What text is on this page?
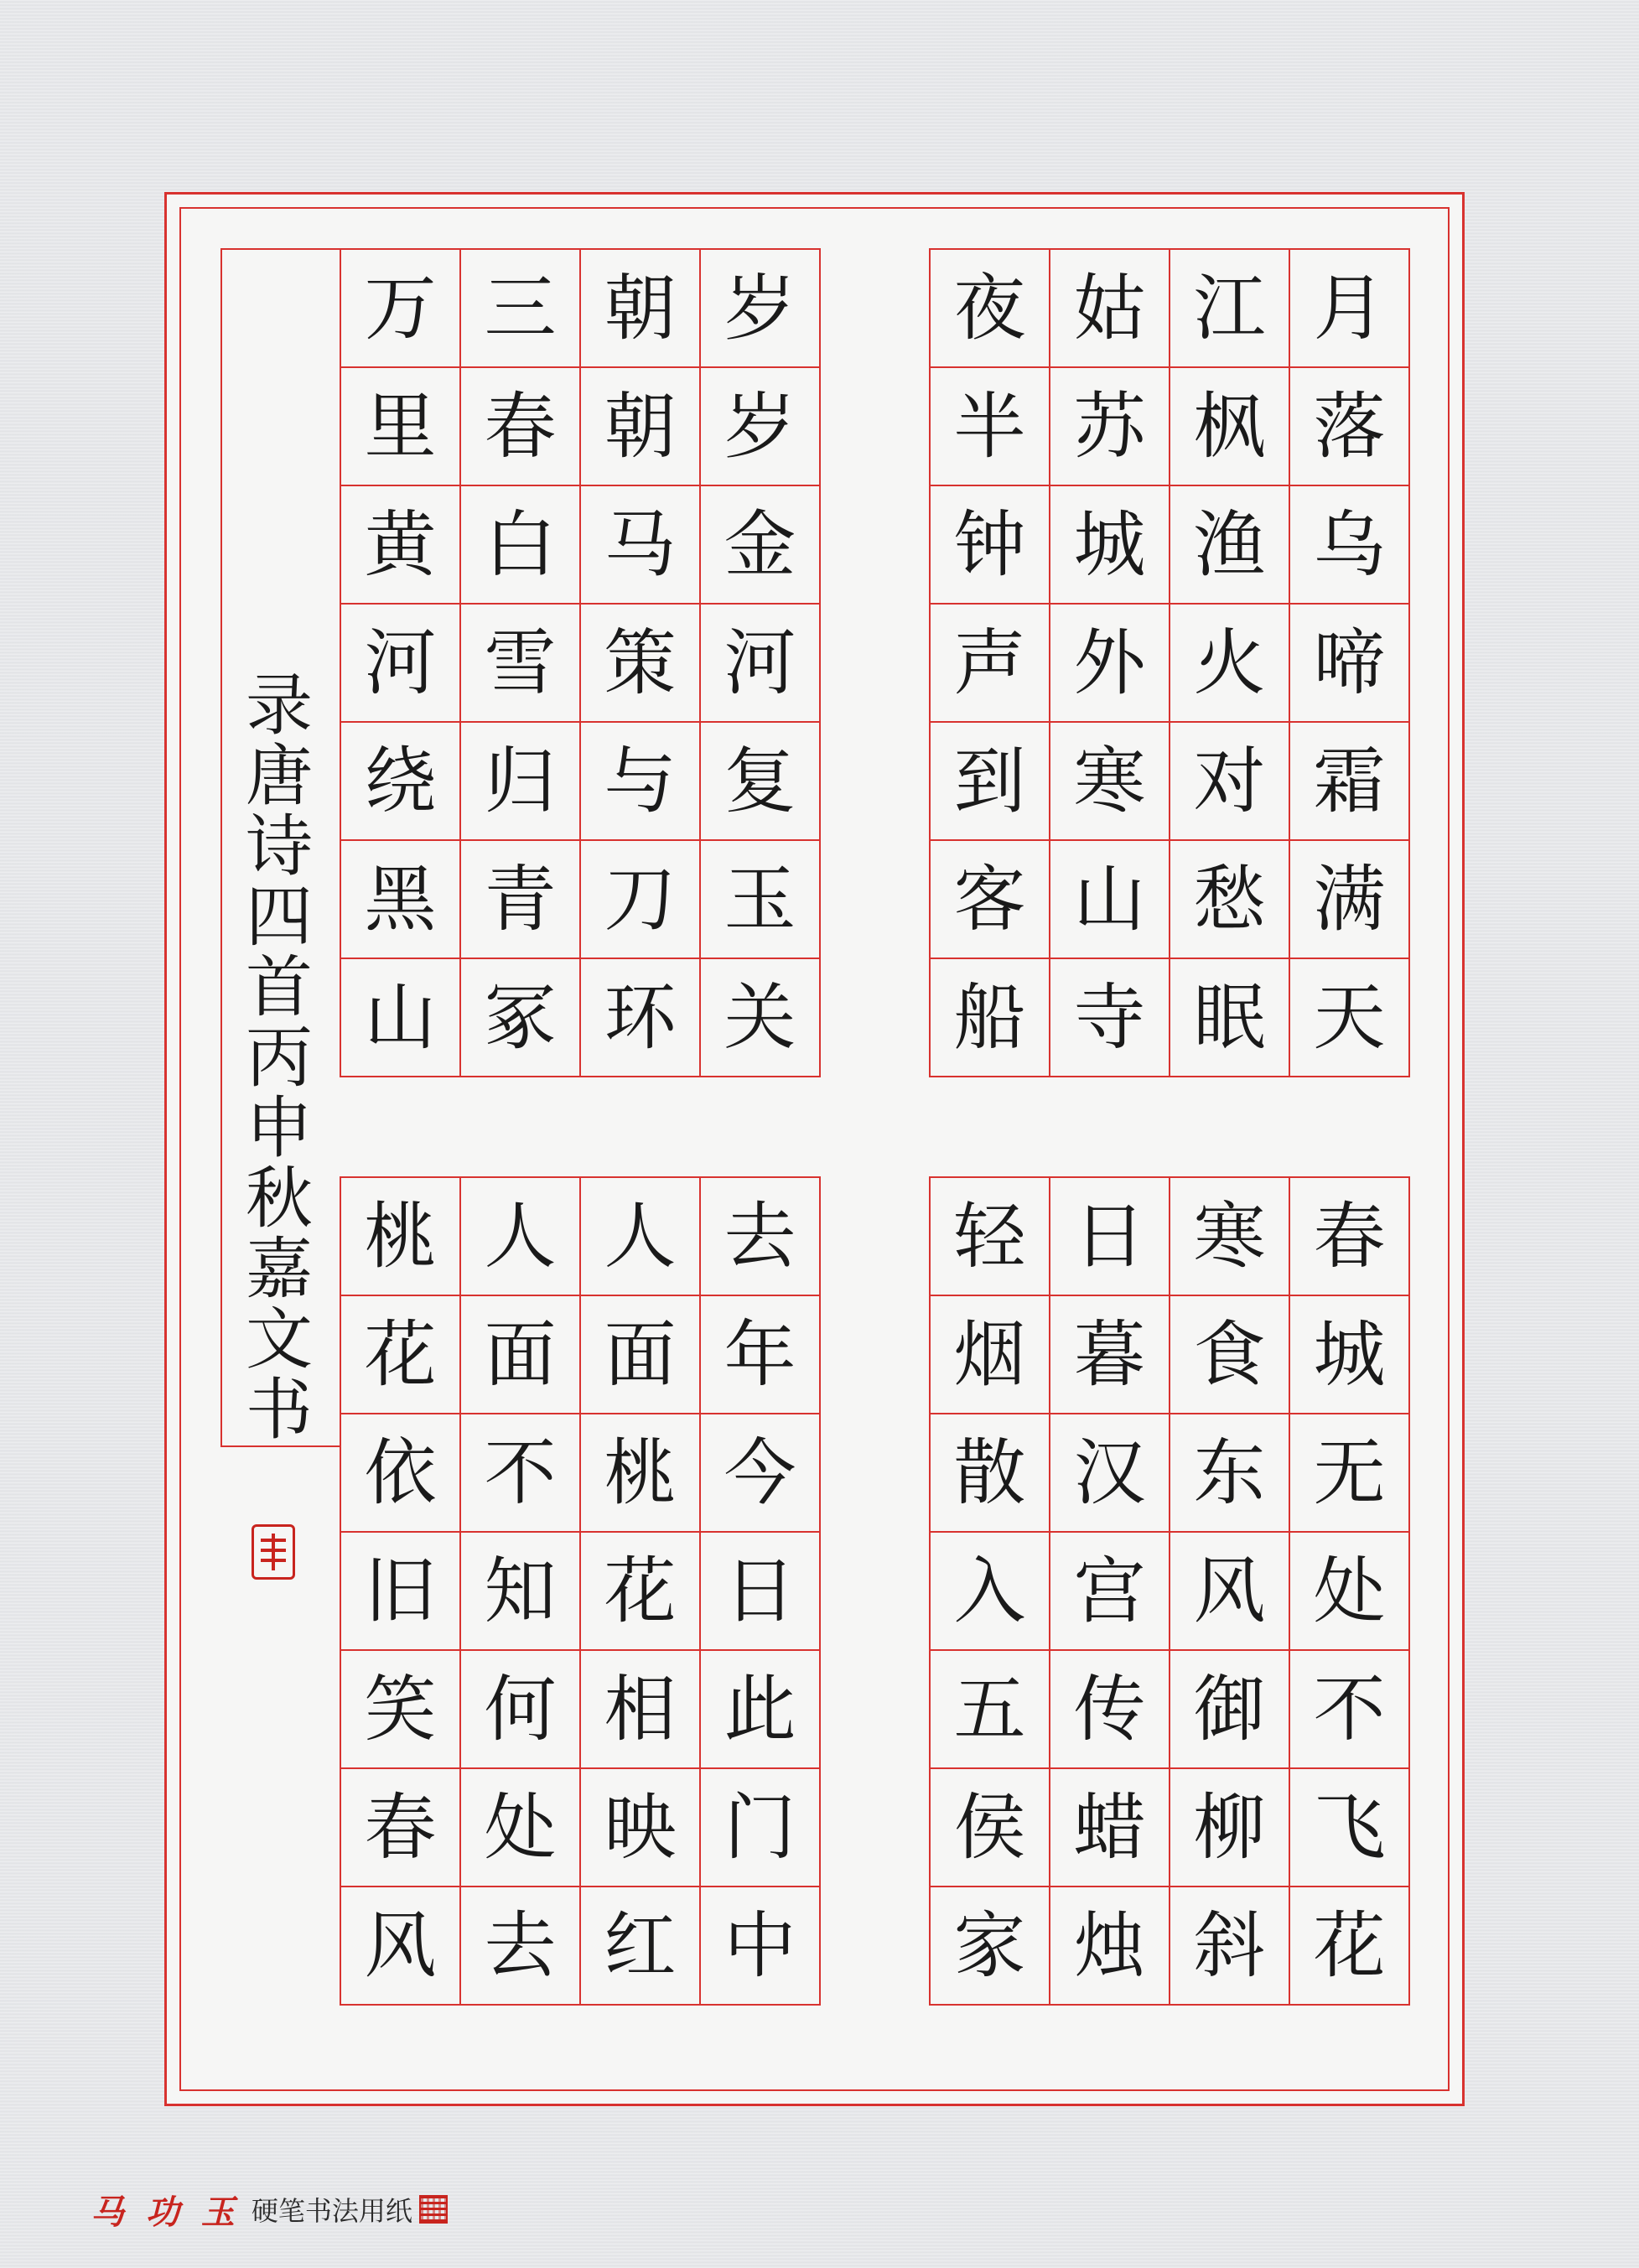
夜 姑 江 月
半 苏 枫 落
钟 城 渔 乌
声 外 火 啼
到 寒 对 霜
客 山 愁 满
船 寺 眠 天
万 三 朝 岁
里 春 朝 岁
黄 白 马 金
河 雪 策 河
绕 归 与 复
黑 青 刀 玉
山 冢 环 关
轻 日 寒 春
烟 暮 食 城
散 汉 东 无
入 宫 风 处
五 传 御 不
侯 蜡 柳 飞
家 烛 斜 花
桃 人 人 去
花 面 面 年
依 不 桃 今
旧 知 花 日
笑 何 相 此
春 处 映 门
风 去 红 中
录
唐
诗
四
首
丙
申
秋
嘉
文
书
马 功 玉 硬笔书法用纸
